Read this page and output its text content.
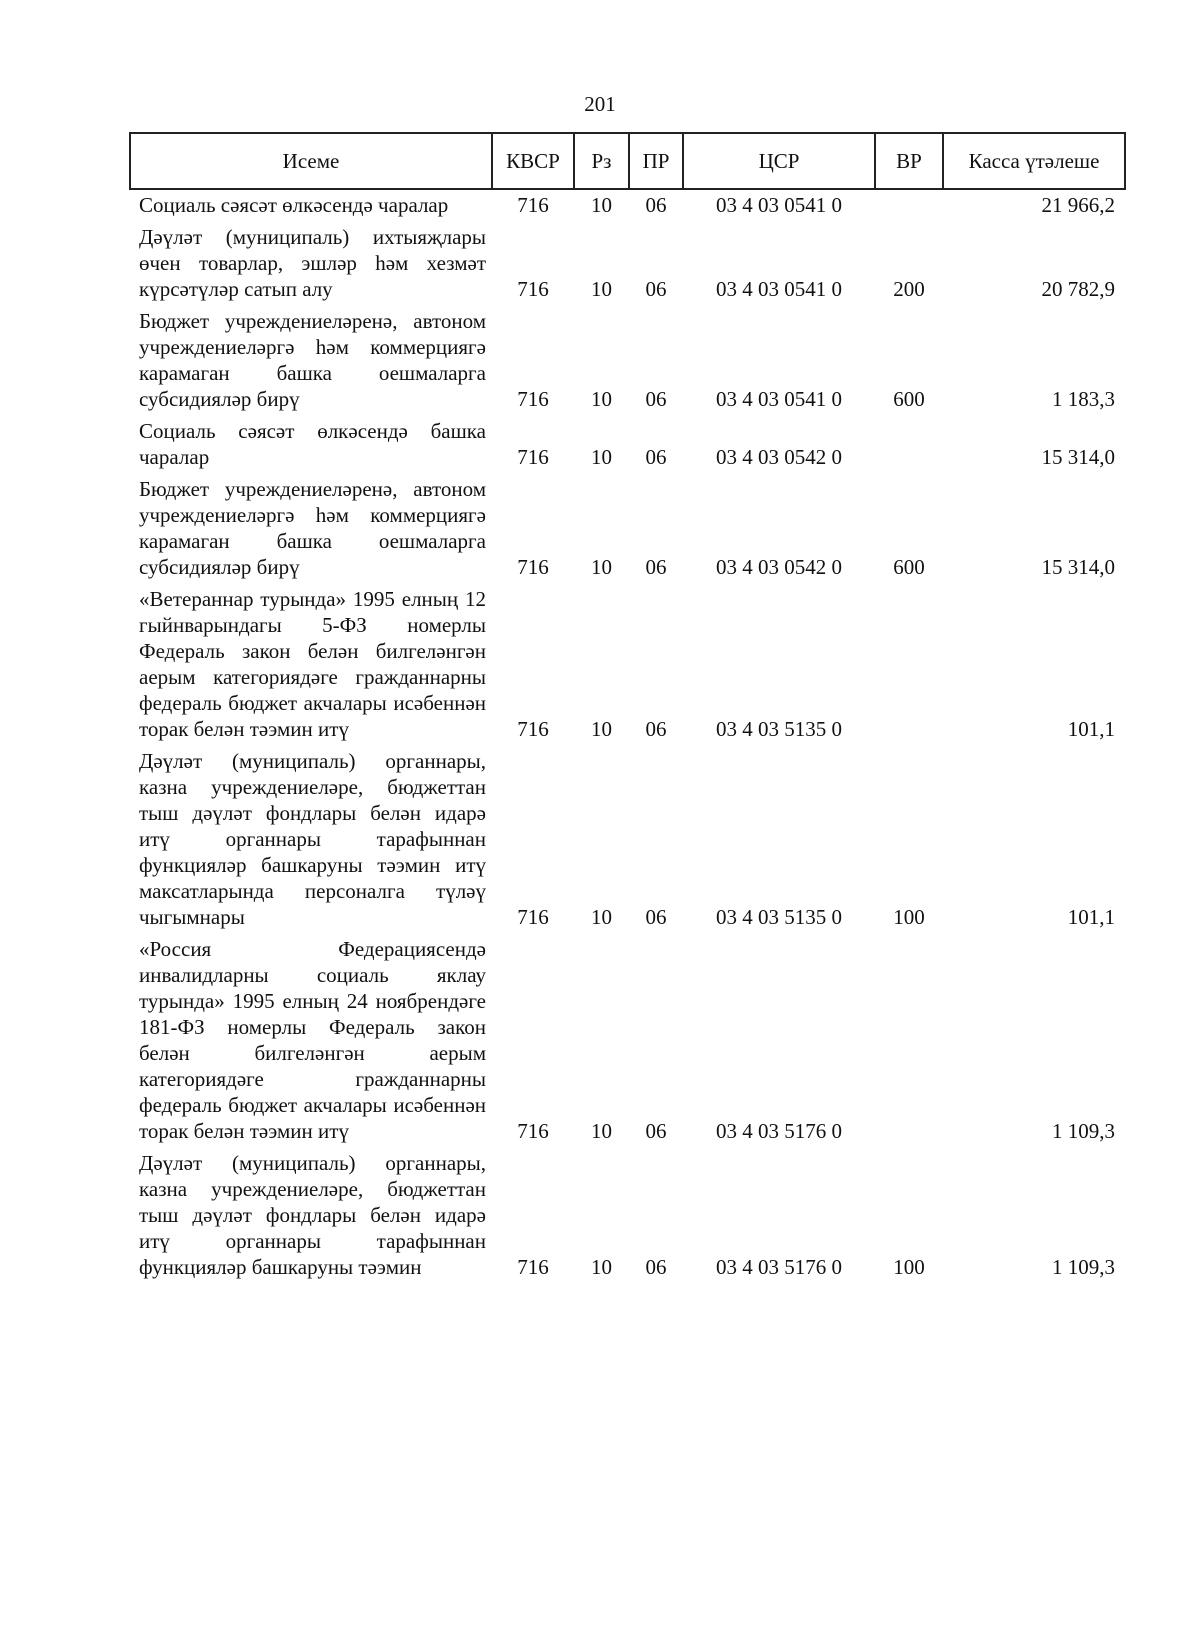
201
Исеме	КВСР	Рз	ПР	ЦСР	ВР	Касса үтәлеше
Социаль сәясәт өлкәсендә чаралар	716	10	06	03 4 03 0541 0		21 966,2
Дәүләт (муниципаль) ихтыяҗлары өчен товарлар, эшләр һәм хезмәт күрсәтүләр сатып алу	716	10	06	03 4 03 0541 0	200	20 782,9
Бюджет учреждениеләренә, автоном учреждениеләргә һәм коммерциягә карамаган башка оешмаларга субсидияләр бирү	716	10	06	03 4 03 0541 0	600	1 183,3
Социаль сәясәт өлкәсендә башка чаралар	716	10	06	03 4 03 0542 0		15 314,0
Бюджет учреждениеләренә, автоном учреждениеләргә һәм коммерциягә карамаган башка оешмаларга субсидияләр бирү	716	10	06	03 4 03 0542 0	600	15 314,0
«Ветераннар турында» 1995 елның 12 гыйнварындагы 5-ФЗ номерлы Федераль закон белән билгеләнгән аерым категориядәге гражданнарны федераль бюджет акчалары исәбеннән торак белән тәэмин итү	716	10	06	03 4 03 5135 0		101,1
Дәүләт (муниципаль) органнары, казна учреждениеләре, бюджеттан тыш дәүләт фондлары белән идарә итү органнары тарафыннан функцияләр башкаруны тәэмин итү максатларында персоналга түләү чыгымнары	716	10	06	03 4 03 5135 0	100	101,1
«Россия Федерациясендә инвалидларны социаль яклау турында» 1995 елның 24 ноябрендәге 181-ФЗ номерлы Федераль закон белән билгеләнгән аерым категориядәге гражданнарны федераль бюджет акчалары исәбеннән торак белән тәэмин итү	716	10	06	03 4 03 5176 0		1 109,3
Дәүләт (муниципаль) органнары, казна учреждениеләре, бюджеттан тыш дәүләт фондлары белән идарә итү органнары тарафыннан функцияләр башкаруны тәэмин	716	10	06	03 4 03 5176 0	100	1 109,3
